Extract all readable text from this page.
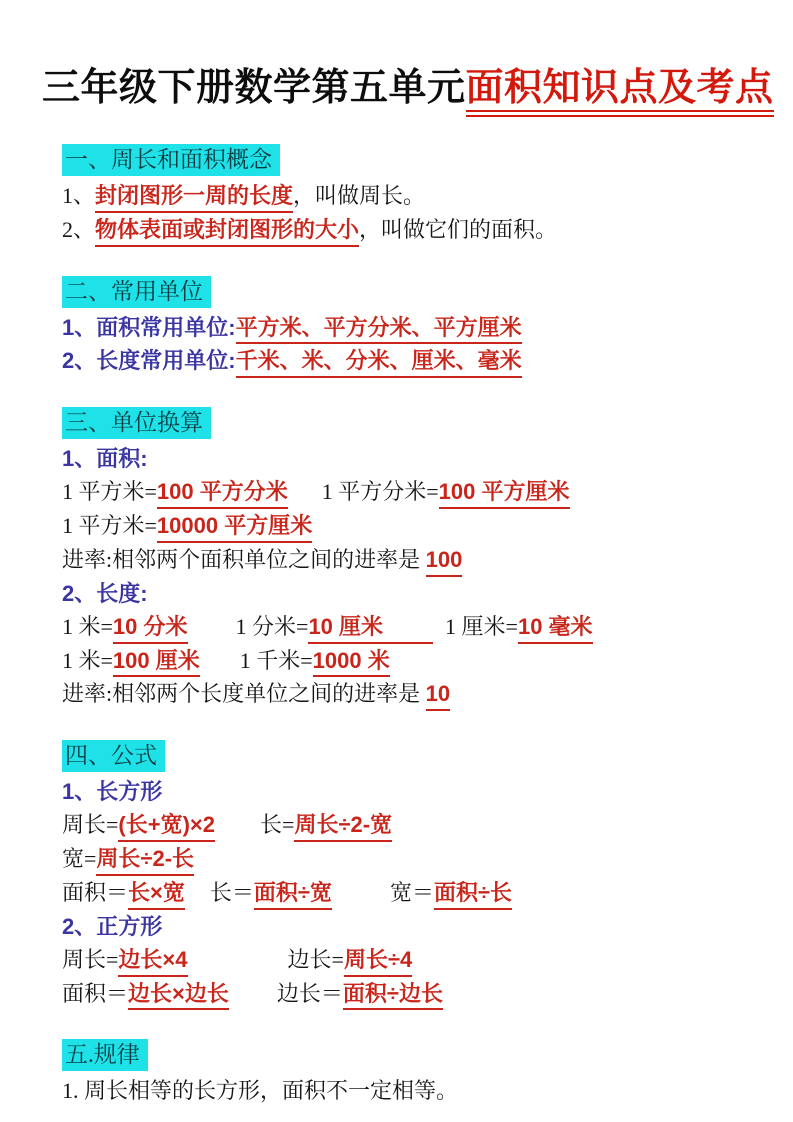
三年级下册数学第五单元面积知识点及考点
一、周长和面积概念
1、封闭图形一周的长度，叫做周长。
2、物体表面或封闭图形的大小，叫做它们的面积。
二、常用单位
1、面积常用单位:平方米、平方分米、平方厘米
2、长度常用单位:千米、米、分米、厘米、毫米
三、单位换算
1、面积:
1 平方米=100 平方分米 1 平方分米=100 平方厘米
1 平方米=10000 平方厘米
进率:相邻两个面积单位之间的进率是 100
2、长度:
1 米=10 分米 1 分米=10 厘米	1 厘米=10 毫米
1 米=100 厘米 1 千米=1000 米
进率:相邻两个长度单位之间的进率是 10
四、公式
1、长方形
周长=(长+宽)×2 长=周长÷2-宽
宽=周长÷2-长
面积＝长×宽 长＝面积÷宽	宽＝面积÷长
2、正方形
周长=边长×4	边长=周长÷4
面积＝边长×边长 边长＝面积÷边长
五.规律
1. 周长相等的长方形，面积不一定相等。
